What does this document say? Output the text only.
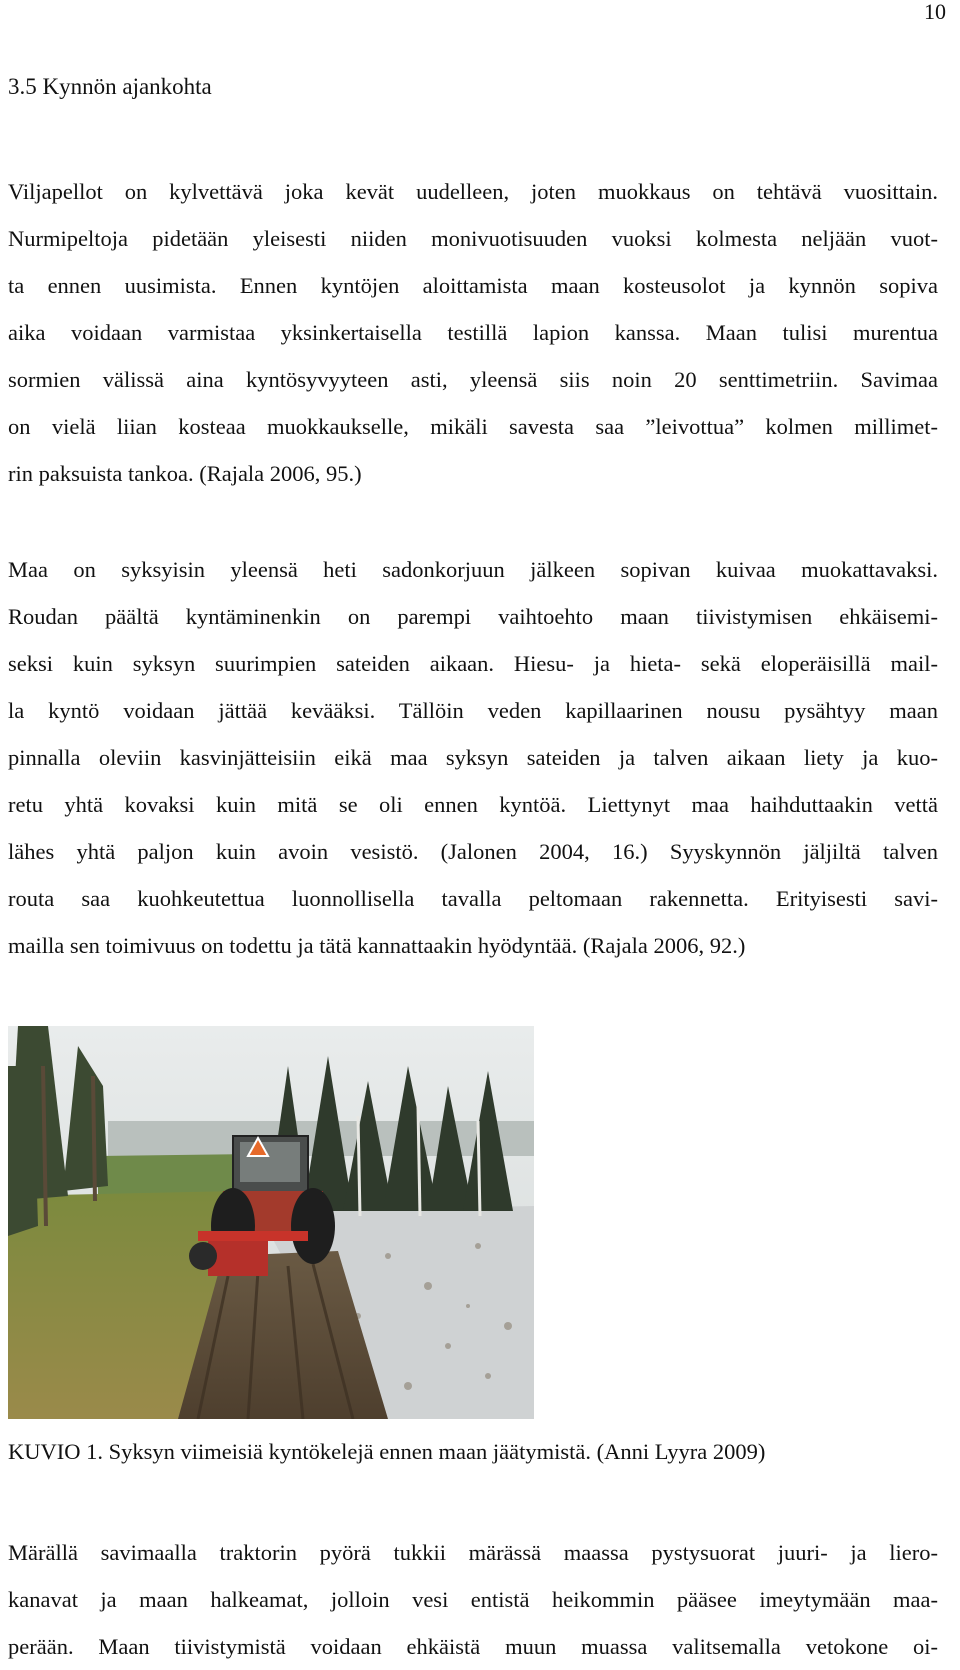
10
3.5 Kynnön ajankohta
Viljapellot on kylvettävä joka kevät uudelleen, joten muokkaus on tehtävä vuosittain.
Nurmipeltoja pidetään yleisesti niiden monivuotisuuden vuoksi kolmesta neljään vuot-
ta ennen uusimista. Ennen kyntöjen aloittamista maan kosteusolot ja kynnön sopiva
aika voidaan varmistaa yksinkertaisella testillä lapion kanssa. Maan tulisi murentua
sormien välissä aina kyntösyvyyteen asti, yleensä siis noin 20 senttimetriin. Savimaa
on vielä liian kosteaa muokkaukselle, mikäli savesta saa ”leivottua” kolmen millimet-
rin paksuista tankoa. (Rajala 2006, 95.)
Maa on syksyisin yleensä heti sadonkorjuun jälkeen sopivan kuivaa muokattavaksi.
Roudan päältä kyntäminenkin on parempi vaihtoehto maan tiivistymisen ehkäisemi-
seksi kuin syksyn suurimpien sateiden aikaan. Hiesu- ja hieta- sekä eloperäisillä mail-
la kyntö voidaan jättää kevääksi. Tällöin veden kapillaarinen nousu pysähtyy maan
pinnalla oleviin kasvinjätteisiin eikä maa syksyn sateiden ja talven aikaan liety ja kuo-
retu yhtä kovaksi kuin mitä se oli ennen kyntöä. Liettynyt maa haihduttaakin vettä
lähes yhtä paljon kuin avoin vesistö. (Jalonen 2004, 16.) Syyskynnön jäljiltä talven
routa saa kuohkeutettua luonnollisella tavalla peltomaan rakennetta. Erityisesti savi-
mailla sen toimivuus on todettu ja tätä kannattaakin hyödyntää. (Rajala 2006, 92.)
KUVIO 1. Syksyn viimeisiä kyntökelejä ennen maan jäätymistä. (Anni Lyyra 2009)
Märällä savimaalla traktorin pyörä tukkii märässä maassa pystysuorat juuri- ja liero-
kanavat ja maan halkeamat, jolloin vesi entistä heikommin pääsee imeytymään maa-
perään. Maan tiivistymistä voidaan ehkäistä muun muassa valitsemalla vetokone oi-
